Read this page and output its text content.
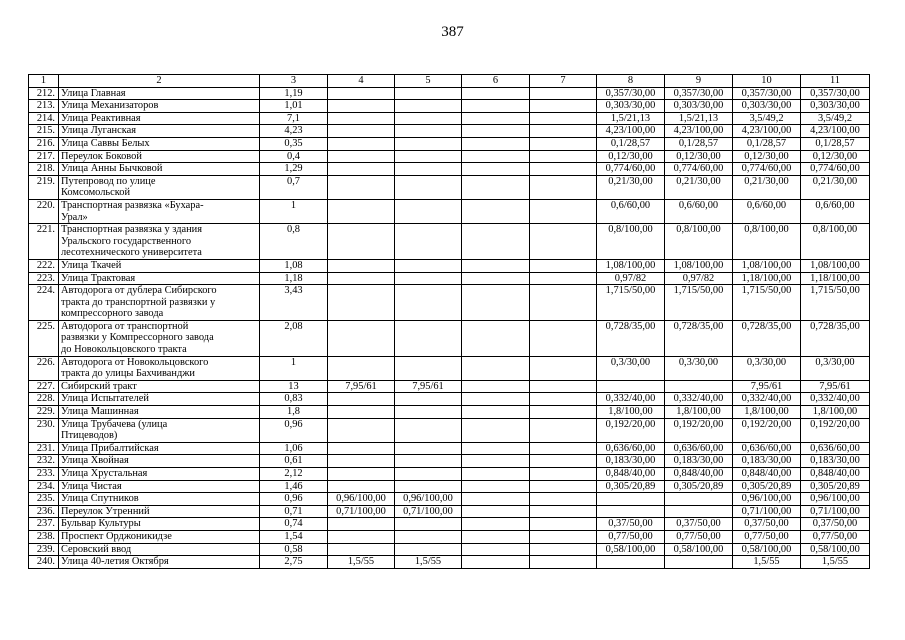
387
1	2	3	4	5	6	7	8	9	10	11
212.	Улица Главная	1,19					0,357/30,00	0,357/30,00	0,357/30,00	0,357/30,00
213.	Улица Механизаторов	1,01					0,303/30,00	0,303/30,00	0,303/30,00	0,303/30,00
214.	Улица Реактивная	7,1					1,5/21,13	1,5/21,13	3,5/49,2	3,5/49,2
215.	Улица Луганская	4,23					4,23/100,00	4,23/100,00	4,23/100,00	4,23/100,00
216.	Улица Саввы Белых	0,35					0,1/28,57	0,1/28,57	0,1/28,57	0,1/28,57
217.	Переулок Боковой	0,4					0,12/30,00	0,12/30,00	0,12/30,00	0,12/30,00
218.	Улица Анны Бычковой	1,29					0,774/60,00	0,774/60,00	0,774/60,00	0,774/60,00
219.	Путепровод по улице
Комсомольской	0,7					0,21/30,00	0,21/30,00	0,21/30,00	0,21/30,00
220.	Транспортная развязка «Бухара-
Урал»	1					0,6/60,00	0,6/60,00	0,6/60,00	0,6/60,00
221.	Транспортная развязка у здания
Уральского государственного
лесотехнического университета	0,8					0,8/100,00	0,8/100,00	0,8/100,00	0,8/100,00
222.	Улица Ткачей	1,08					1,08/100,00	1,08/100,00	1,08/100,00	1,08/100,00
223.	Улица Трактовая	1,18					0,97/82	0,97/82	1,18/100,00	1,18/100,00
224.	Автодорога от дублера Сибирского
тракта до транспортной развязки у
компрессорного завода	3,43					1,715/50,00	1,715/50,00	1,715/50,00	1,715/50,00
225.	Автодорога от транспортной
развязки у Компрессорного завода
до Новокольцовского тракта	2,08					0,728/35,00	0,728/35,00	0,728/35,00	0,728/35,00
226.	Автодорога от Новокольцовского
тракта до улицы Бахчиванджи	1					0,3/30,00	0,3/30,00	0,3/30,00	0,3/30,00
227.	Сибирский тракт	13	7,95/61	7,95/61					7,95/61	7,95/61
228.	Улица Испытателей	0,83					0,332/40,00	0,332/40,00	0,332/40,00	0,332/40,00
229.	Улица Машинная	1,8					1,8/100,00	1,8/100,00	1,8/100,00	1,8/100,00
230.	Улица Трубачева (улица
Птицеводов)	0,96					0,192/20,00	0,192/20,00	0,192/20,00	0,192/20,00
231.	Улица Прибалтийская	1,06					0,636/60,00	0,636/60,00	0,636/60,00	0,636/60,00
232.	Улица Хвойная	0,61					0,183/30,00	0,183/30,00	0,183/30,00	0,183/30,00
233.	Улица Хрустальная	2,12					0,848/40,00	0,848/40,00	0,848/40,00	0,848/40,00
234.	Улица Чистая	1,46					0,305/20,89	0,305/20,89	0,305/20,89	0,305/20,89
235.	Улица Спутников	0,96	0,96/100,00	0,96/100,00					0,96/100,00	0,96/100,00
236.	Переулок Утренний	0,71	0,71/100,00	0,71/100,00					0,71/100,00	0,71/100,00
237.	Бульвар Культуры	0,74					0,37/50,00	0,37/50,00	0,37/50,00	0,37/50,00
238.	Проспект Орджоникидзе	1,54					0,77/50,00	0,77/50,00	0,77/50,00	0,77/50,00
239.	Серовский ввод	0,58					0,58/100,00	0,58/100,00	0,58/100,00	0,58/100,00
240.	Улица 40-летия Октября	2,75	1,5/55	1,5/55					1,5/55	1,5/55
